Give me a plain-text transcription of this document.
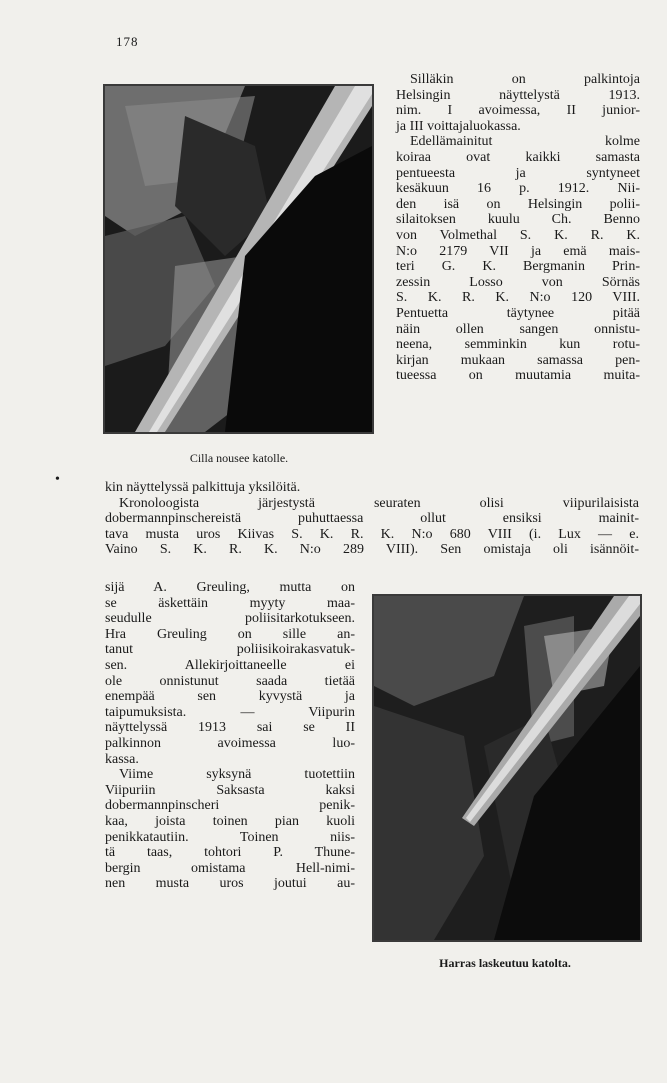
178
Cilla nousee katolle.
Silläkin on palkintoja
Helsingin näyttelystä 1913.
nim. I avoimessa, II junior-
ja III voittajaluokassa.
Edellämainitut kolme
koiraa ovat kaikki samasta
pentueesta ja syntyneet
kesäkuun 16 p. 1912. Nii-
den isä on Helsingin polii-
silaitoksen kuulu Ch. Benno
von Volmethal S. K. R. K.
N:o 2179 VII ja emä mais-
teri G. K. Bergmanin Prin-
zessin Losso von Sörnäs
S. K. R. K. N:o 120 VIII.
Pentuetta täytynee pitää
näin ollen sangen onnistu-
neena, semminkin kun rotu-
kirjan mukaan samassa pen-
tueessa on muutamia muita-
•
kin näyttelyssä palkittuja yksilöitä.
Kronoloogista järjestystä seuraten olisi viipurilaisista
dobermannpinschereistä puhuttaessa ollut ensiksi mainit-
tava musta uros Kiivas S. K. R. K. N:o 680 VIII (i. Lux — e.
Vaino S. K. R. K. N:o 289 VIII). Sen omistaja oli isännöit-
sijä A. Greuling, mutta on
se äskettäin myyty maa-
seudulle poliisitarkotukseen.
Hra Greuling on sille an-
tanut poliisikoirakasvatuk-
sen. Allekirjoittaneelle ei
ole onnistunut saada tietää
enempää sen kyvystä ja
taipumuksista. — Viipurin
näyttelyssä 1913 sai se II
palkinnon avoimessa luo-
kassa.
Viime syksynä tuotettiin
Viipuriin Saksasta kaksi
dobermannpinscheri penik-
kaa, joista toinen pian kuoli
penikkatautiin. Toinen niis-
tä taas, tohtori P. Thune-
bergin omistama Hell-nimi-
nen musta uros joutui au-
Harras laskeutuu katolta.
